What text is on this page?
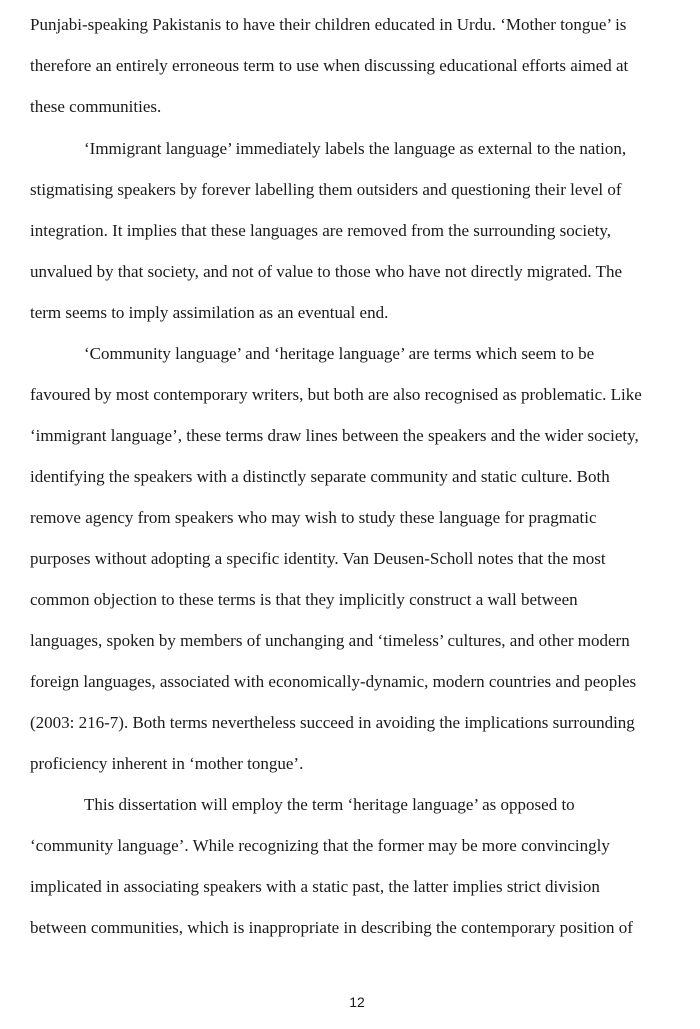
Punjabi-speaking Pakistanis to have their children educated in Urdu. ‘Mother tongue’ is
therefore an entirely erroneous term to use when discussing educational efforts aimed at
these communities.
‘Immigrant language’ immediately labels the language as external to the nation,
stigmatising speakers by forever labelling them outsiders and questioning their level of
integration. It implies that these languages are removed from the surrounding society,
unvalued by that society, and not of value to those who have not directly migrated. The
term seems to imply assimilation as an eventual end.
‘Community language’ and ‘heritage language’ are terms which seem to be
favoured by most contemporary writers, but both are also recognised as problematic. Like
‘immigrant language’, these terms draw lines between the speakers and the wider society,
identifying the speakers with a distinctly separate community and static culture. Both
remove agency from speakers who may wish to study these language for pragmatic
purposes without adopting a specific identity. Van Deusen-Scholl notes that the most
common objection to these terms is that they implicitly construct a wall between
languages, spoken by members of unchanging and ‘timeless’ cultures, and other modern
foreign languages, associated with economically-dynamic, modern countries and peoples
(2003: 216-7). Both terms nevertheless succeed in avoiding the implications surrounding
proficiency inherent in ‘mother tongue’.
This dissertation will employ the term ‘heritage language’ as opposed to
‘community language’. While recognizing that the former may be more convincingly
implicated in associating speakers with a static past, the latter implies strict division
between communities, which is inappropriate in describing the contemporary position of
12
